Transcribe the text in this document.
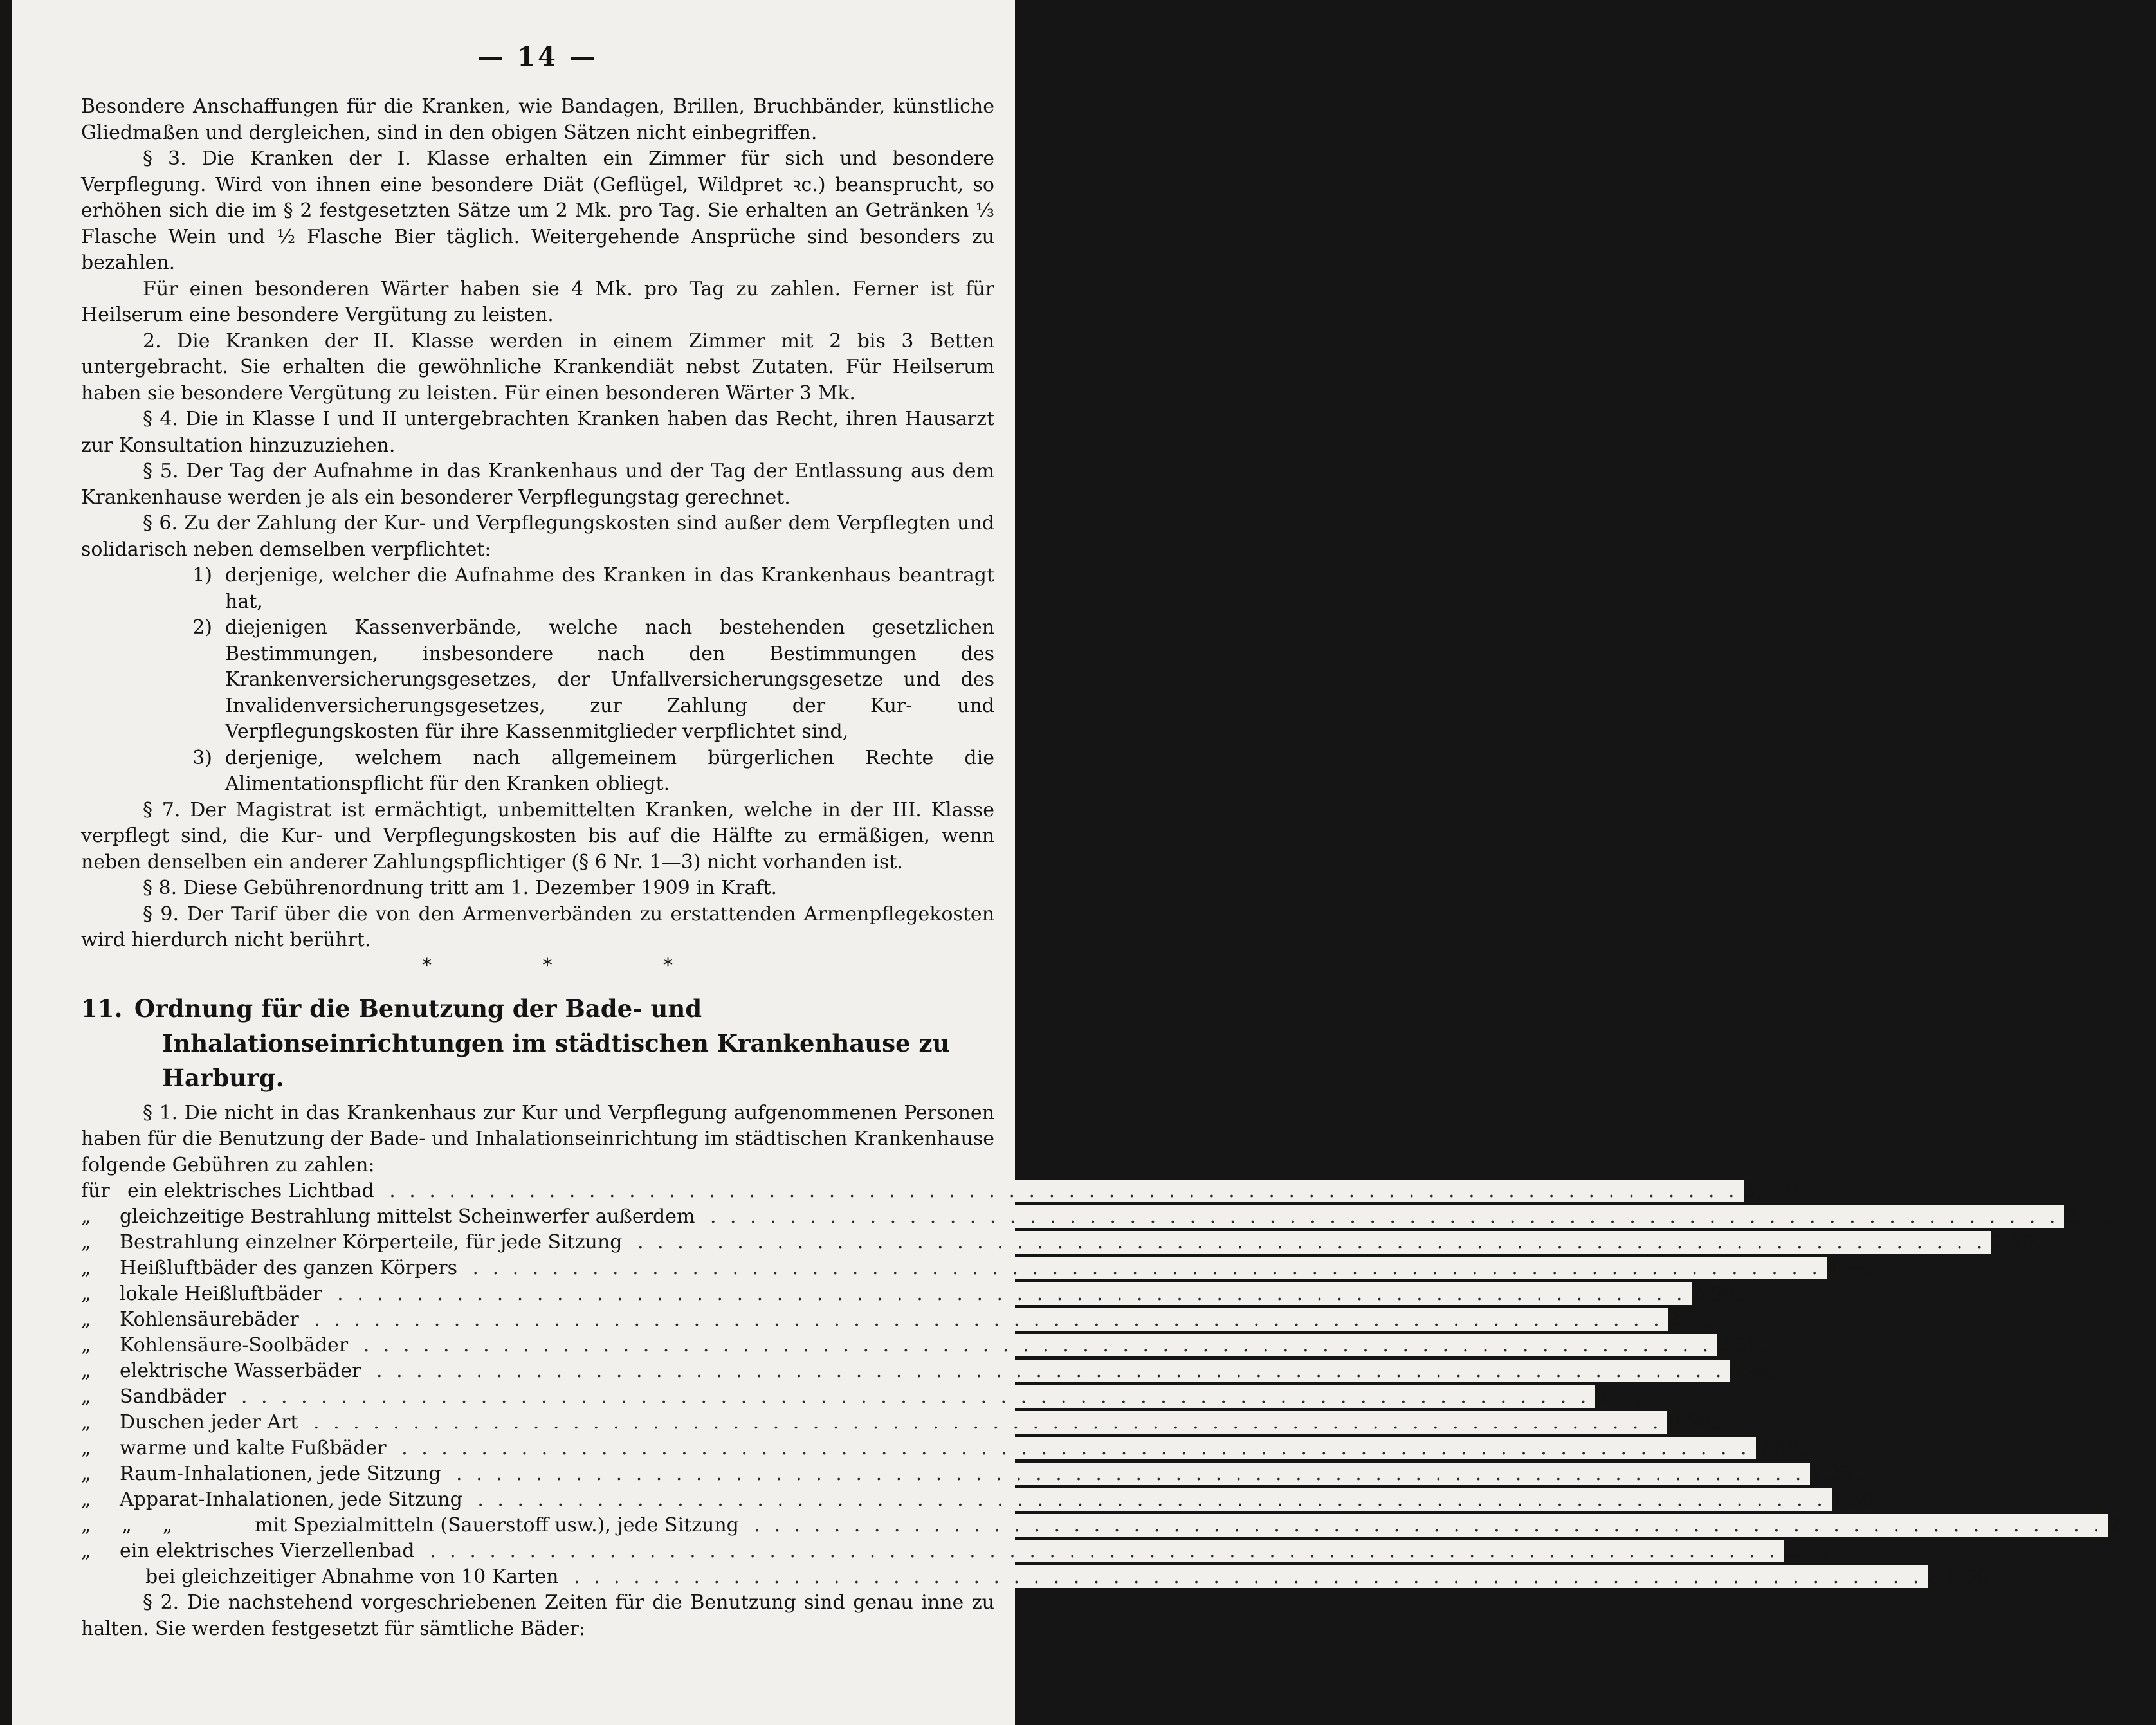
— 14 —

Besondere Anschaffungen für die Kranken, wie Bandagen, Brillen, Bruchbänder, künstliche Gliedmaßen und dergleichen, sind in den obigen Sätzen nicht einbegriffen.

§ 3. Die Kranken der I. Klasse erhalten ein Zimmer für sich und besondere Verpflegung. Wird von ihnen eine besondere Diät (Geflügel, Wildpret ꝛc.) beansprucht, so erhöhen sich die im § 2 festgesetzten Sätze um 2 Mk. pro Tag. Sie erhalten an Getränken ⅓ Flasche Wein und ½ Flasche Bier täglich. Weitergehende Ansprüche sind besonders zu bezahlen.

Für einen besonderen Wärter haben sie 4 Mk. pro Tag zu zahlen. Ferner ist für Heilserum eine besondere Vergütung zu leisten.

2. Die Kranken der II. Klasse werden in einem Zimmer mit 2 bis 3 Betten untergebracht. Sie erhalten die gewöhnliche Krankendiät nebst Zutaten. Für Heilserum haben sie besondere Vergütung zu leisten. Für einen besonderen Wärter 3 Mk.

§ 4. Die in Klasse I und II untergebrachten Kranken haben das Recht, ihren Hausarzt zur Konsultation hinzuzuziehen.

§ 5. Der Tag der Aufnahme in das Krankenhaus und der Tag der Entlassung aus dem Krankenhause werden je als ein besonderer Verpflegungstag gerechnet.

§ 6. Zu der Zahlung der Kur- und Verpflegungskosten sind außer dem Verpflegten und solidarisch neben demselben verpflichtet:

1) derjenige, welcher die Aufnahme des Kranken in das Krankenhaus beantragt hat,
2) diejenigen Kassenverbände, welche nach bestehenden gesetzlichen Bestimmungen, insbesondere nach den Bestimmungen des Krankenversicherungsgesetzes, der Unfallversicherungsgesetze und des Invalidenversicherungsgesetzes, zur Zahlung der Kur- und Verpflegungskosten für ihre Kassenmitglieder verpflichtet sind,
3) derjenige, welchem nach allgemeinem bürgerlichen Rechte die Alimentationspflicht für den Kranken obliegt.

§ 7. Der Magistrat ist ermächtigt, unbemittelten Kranken, welche in der III. Klasse verpflegt sind, die Kur- und Verpflegungskosten bis auf die Hälfte zu ermäßigen, wenn neben denselben ein anderer Zahlungspflichtiger (§ 6 Nr. 1—3) nicht vorhanden ist.

§ 8. Diese Gebührenordnung tritt am 1. Dezember 1909 in Kraft.

§ 9. Der Tarif über die von den Armenverbänden zu erstattenden Armenpflegekosten wird hierdurch nicht berührt.

*	*	*
11. Ordnung für die Benutzung der Bade- und Inhalationseinrichtungen im städtischen Krankenhause zu Harburg.

§ 1. Die nicht in das Krankenhaus zur Kur und Verpflegung aufgenommenen Personen haben für die Benutzung der Bade- und Inhalationseinrichtung im städtischen Krankenhause folgende Gebühren zu zahlen:

für ein elektrisches Lichtbad . . . . . . . . . . . . . . . . . . . . . . . . . . . . . . . . . . . . . . . . . . . . . . . . . . . . . . . . . . . . . . . . . . . . 3,— ℳ
„ gleichzeitige Bestrahlung mittelst Scheinwerfer außerdem . . . . . . . . . . . . . . . . . . . . . . . . . . . . . . . . . . . . . . . . . . . . . . . . . . . . . . . . . . . . . . . . . . . . 2,— „
„ Bestrahlung einzelner Körperteile, für jede Sitzung . . . . . . . . . . . . . . . . . . . . . . . . . . . . . . . . . . . . . . . . . . . . . . . . . . . . . . . . . . . . . . . . . . . . 2,50 „
„ Heißluftbäder des ganzen Körpers . . . . . . . . . . . . . . . . . . . . . . . . . . . . . . . . . . . . . . . . . . . . . . . . . . . . . . . . . . . . . . . . . . . . 4,— „
„ lokale Heißluftbäder . . . . . . . . . . . . . . . . . . . . . . . . . . . . . . . . . . . . . . . . . . . . . . . . . . . . . . . . . . . . . . . . . . . . 2,50 „
„ Kohlensäurebäder . . . . . . . . . . . . . . . . . . . . . . . . . . . . . . . . . . . . . . . . . . . . . . . . . . . . . . . . . . . . . . . . . . . . 2,— „
„ Kohlensäure-Soolbäder . . . . . . . . . . . . . . . . . . . . . . . . . . . . . . . . . . . . . . . . . . . . . . . . . . . . . . . . . . . . . . . . . . . . 2,50 „
„ elektrische Wasserbäder . . . . . . . . . . . . . . . . . . . . . . . . . . . . . . . . . . . . . . . . . . . . . . . . . . . . . . . . . . . . . . . . . . . . 3,— „
„ Sandbäder . . . . . . . . . . . . . . . . . . . . . . . . . . . . . . . . . . . . . . . . . . . . . . . . . . . . . . . . . . . . . . . . . . . . 3,— „
„ Duschen jeder Art . . . . . . . . . . . . . . . . . . . . . . . . . . . . . . . . . . . . . . . . . . . . . . . . . . . . . . . . . . . . . . . . . . . . 0,50 „
„ warme und kalte Fußbäder . . . . . . . . . . . . . . . . . . . . . . . . . . . . . . . . . . . . . . . . . . . . . . . . . . . . . . . . . . . . . . . . . . . . 0,50 „
„ Raum-Inhalationen, jede Sitzung . . . . . . . . . . . . . . . . . . . . . . . . . . . . . . . . . . . . . . . . . . . . . . . . . . . . . . . . . . . . . . . . . . . . 1,25 „
„ Apparat-Inhalationen, jede Sitzung . . . . . . . . . . . . . . . . . . . . . . . . . . . . . . . . . . . . . . . . . . . . . . . . . . . . . . . . . . . . . . . . . . . . 1,50 „
„     „     „	mit Spezialmitteln (Sauerstoff usw.), jede Sitzung . . . . . . . . . . . . . . . . . . . . . . . . . . . . . . . . . . . . . . . . . . . . . . . . . . . . . . . . . . . . . . . . . . . . 2,— „
„ ein elektrisches Vierzellenbad . . . . . . . . . . . . . . . . . . . . . . . . . . . . . . . . . . . . . . . . . . . . . . . . . . . . . . . . . . . . . . . . . . . . 2,— „
bei gleichzeitiger Abnahme von 10 Karten . . . . . . . . . . . . . . . . . . . . . . . . . . . . . . . . . . . . . . . . . . . . . . . . . . . . . . . . . . . . . . . . . . . . à 1,50 „

§ 2. Die nachstehend vorgeschriebenen Zeiten für die Benutzung sind genau inne zu halten. Sie werden festgesetzt für sämtliche Bäder:
